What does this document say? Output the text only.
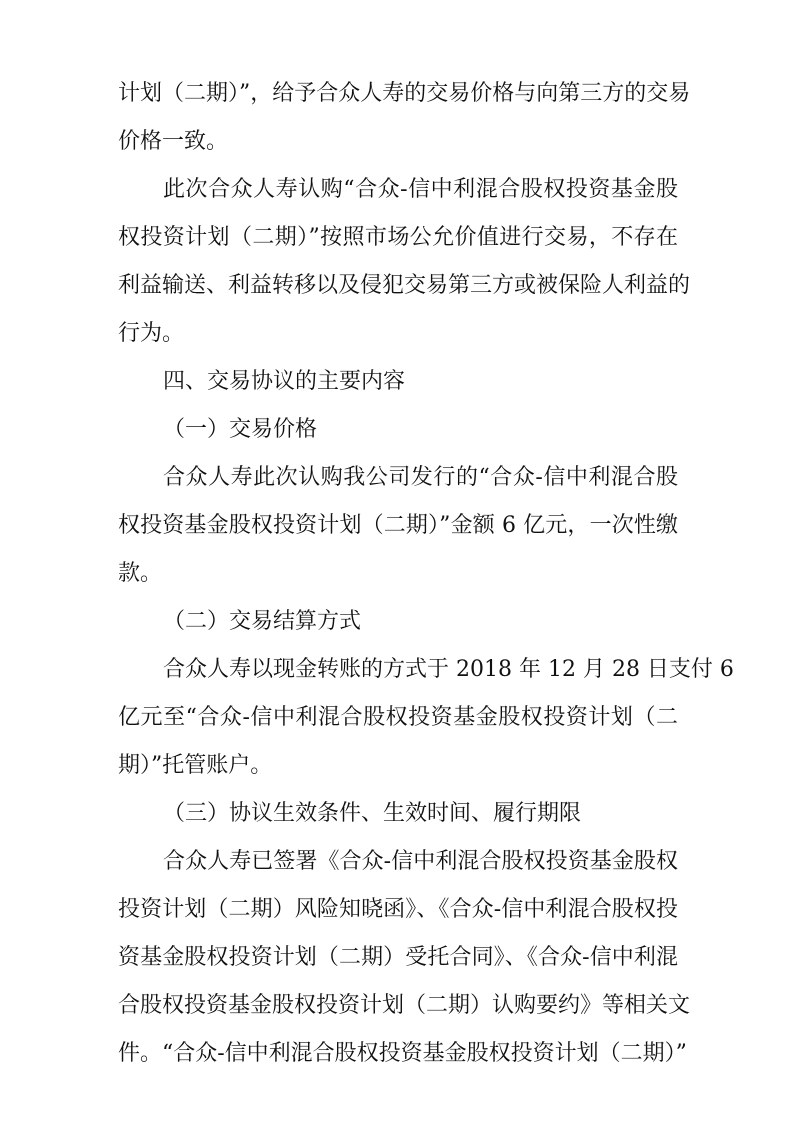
计划（二期）”，给予合众人寿的交易价格与向第三方的交易
价格一致。
此次合众人寿认购“合众-信中利混合股权投资基金股
权投资计划（二期）”按照市场公允价值进行交易，不存在
利益输送、利益转移以及侵犯交易第三方或被保险人利益的
行为。
四、交易协议的主要内容
（一）交易价格
合众人寿此次认购我公司发行的“合众-信中利混合股
权投资基金股权投资计划（二期）”金额 6 亿元，一次性缴
款。
（二）交易结算方式
合众人寿以现金转账的方式于 2018 年 12 月 28 日支付 6
亿元至“合众-信中利混合股权投资基金股权投资计划（二
期）”托管账户。
（三）协议生效条件、生效时间、履行期限
合众人寿已签署《合众-信中利混合股权投资基金股权
投资计划（二期）风险知晓函》、《合众-信中利混合股权投
资基金股权投资计划（二期）受托合同》、《合众-信中利混
合股权投资基金股权投资计划（二期）认购要约》等相关文
件。“合众-信中利混合股权投资基金股权投资计划（二期）”
